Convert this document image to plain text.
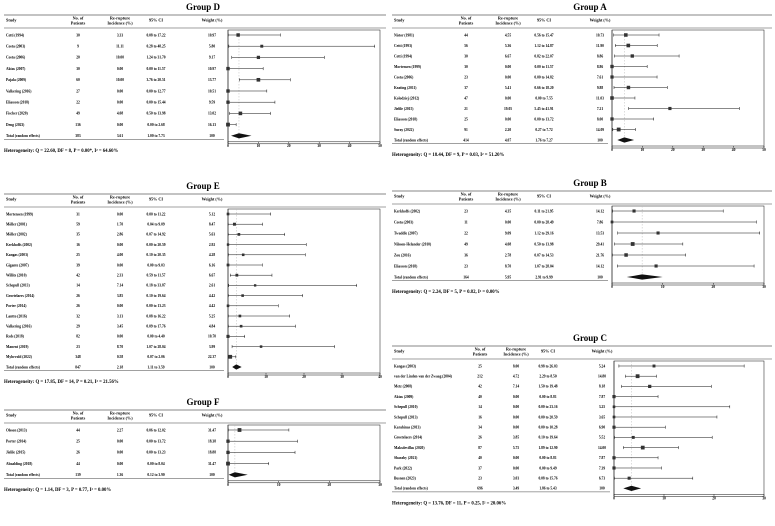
Group D
Study	No. of Patients
Re-rupture Incidence (%)
95% CI	Weight (%)
Cetti (1994)	30	3.33	0.08 to 17.22	10.97
Costa (2003)	9	11.11	0.28 to 48.25	5.80
Costa (2006)	20	10.00	1.24 to 31.70	9.17
Aktas (2007)	30	0.00	0.00 to 11.57	10.97
Pajala (2009)	60	10.00	3.76 to 20.51	13.77
Valkering (2016)	27	0.00	0.00 to 12.77	10.51
Eliasson (2018)	22	0.00	0.00 to 15.44	9.59
Fischer (2020)	49	4.08	0.50 to 13.98	13.02
Deng (2023)	136	0.00	0.00 to 2.68	16.13
Total (random effects)	383	3.61	1.00 to 7.73	100
0	10	20	30	40	50
Heterogeneity: Q = 22.60, DF = 8, P = 0.00*, I² = 64.60%
Group A
Study	No. of Patients
Re-rupture Incidence (%)
95% CI	Weight (%)
Nistor (1981)	44	4.55	0.56 to 15.47	10.73
Cetti (1993)	56	5.36	1.12 to 14.87	11.90
Cetti (1994)	30	6.67	0.82 to 22.07	8.86
Mortensen (1999)	30	0.00	0.00 to 11.57	8.86
Costa (2006)	23	0.00	0.00 to 14.82	7.61
Keating (2011)	37	5.41	0.66 to 18.20	9.88
Kolodziej (2012)	47	0.00	0.00 to 7.55	11.03
Jielile (2015)	21	19.05	5.45 to 41.91	7.21
Eliasson (2018)	25	0.00	0.00 to 13.72	8.00
Suray (2022)	91	2.20	0.27 to 7.72	14.09
Total (random effects)	414	4.07	1.76 to 7.27	100
0	10	20	30	40	50
Heterogeneity: Q = 18.44, DF = 9, P = 0.03, I² = 51.20%
Group E
Study	No. of Patients
Re-rupture Incidence (%)
95% CI	Weight (%)
Mortensen (1999)	31	0.00	0.00 to 11.22	5.12
Möller (2001)	59	1.70	0.04 to 9.09	8.47
Möller (2002)	35	2.86	0.07 to 14.92	5.63
Kerkhoffs (2002)	16	0.00	0.00 to 20.59	2.92
Kangas (2003)	25	4.00	0.10 to 20.35	4.28
Gigante (2007)	39	0.00	0.00 to 9.03	6.16
Willits (2010)	42	2.33	0.59 to 11.57	6.67
Schepull (2013)	14	7.14	0.18 to 33.87	2.61
Groetelaers (2014)	26	3.85	0.10 to 19.64	4.42
Porter (2014)	26	0.00	0.00 to 13.23	4.42
Lantto (2016)	32	3.13	0.08 to 16.22	5.25
Valkering (2016)	29	3.45	0.09 to 17.76	4.84
Rsds (2018)	82	0.00	0.00 to 4.40	10.70
Manent (2019)	23	8.70	1.07 to 28.04	3.99
Myhrvold (2022)	348	0.58	0.07 to 2.06	22.37
Total (random effects)	847	2.18	1.11 to 3.59	100
0	10	20	30	40
Heterogeneity: Q = 17.85, DF = 14, P = 0.21, I² = 21.56%
Group B
Study	No. of Patients
Re-rupture Incidence (%)
95% CI	Weight (%)
Kerkhoffs (2002)	23	4.35	0.11 to 21.95	14.12
Costa (2003)	11	0.00	0.00 to 28.49	7.86
Twaddle (2007)	22	9.09	1.12 to 29.16	13.53
Nilsson-Helander (2010)	49	4.08	0.50 to 13.98	29.41
Zou (2016)	36	2.78	0.07 to 14.53	21.76
Eliasson (2018)	23	8.70	1.07 to 28.04	14.12
Total (random effects)	164	5.95	2.91 to 9.99	100
0	10	20	30
Heterogeneity: Q = 2.24, DF = 5, P = 0.82, I² = 0.00%
Group C
Study	No. of Patients
Re-rupture Incidence (%)
95% CI	Weight (%)
Kangas (2003)	25	8.00	0.98 to 26.03	5.24
van der Linden-van der Zwaag (2004)	212	4.72	2.29 to 8.50	14.80
Metz (2008)	42	7.14	1.50 to 19.48	8.18
Aktas (2009)	40	0.00	0.00 to 8.81	7.87
Schepull (2010)	14	0.00	0.00 to 23.16	3.25
Schepull (2013)	16	0.00	0.00 to 20.59	3.65
Karabinas (2013)	34	0.00	0.00 to 10.28	6.90
Groetelaers (2014)	26	3.85	0.10 to 19.64	5.52
Maksdevillas (2020)	87	5.75	1.89 to 12.90	14.00
Sharaby (2021)	40	0.00	0.00 to 8.81	7.87
Park (2022)	37	0.00	0.00 to 9.49	7.39
Busnen (2023)	23	3.03	0.08 to 15.76	6.73
Total (random effects)	696	3.49	1.86 to 5.43	100
0	10	20	30
Heterogeneity: Q = 13.76, DF = 11, P = 0.25, I² = 20.06%
Group F
Study	No. of Patients
Re-rupture Incidence (%)
95% CI	Weight (%)
Olsson (2013)	44	2.27	0.06 to 12.02	31.47
Porter (2014)	25	0.00	0.00 to 13.72	18.38
Jielile (2015)	26	0.00	0.00 to 13.23	18.88
Aboalding (2018)	44	0.00	0.00 to 8.04	31.47
Total (random effects)	139	1.36	0.12 to 3.90	100
0	10	20	30
Heterogeneity: Q = 1.14, DF = 3, P = 0.77, I² = 0.00%
